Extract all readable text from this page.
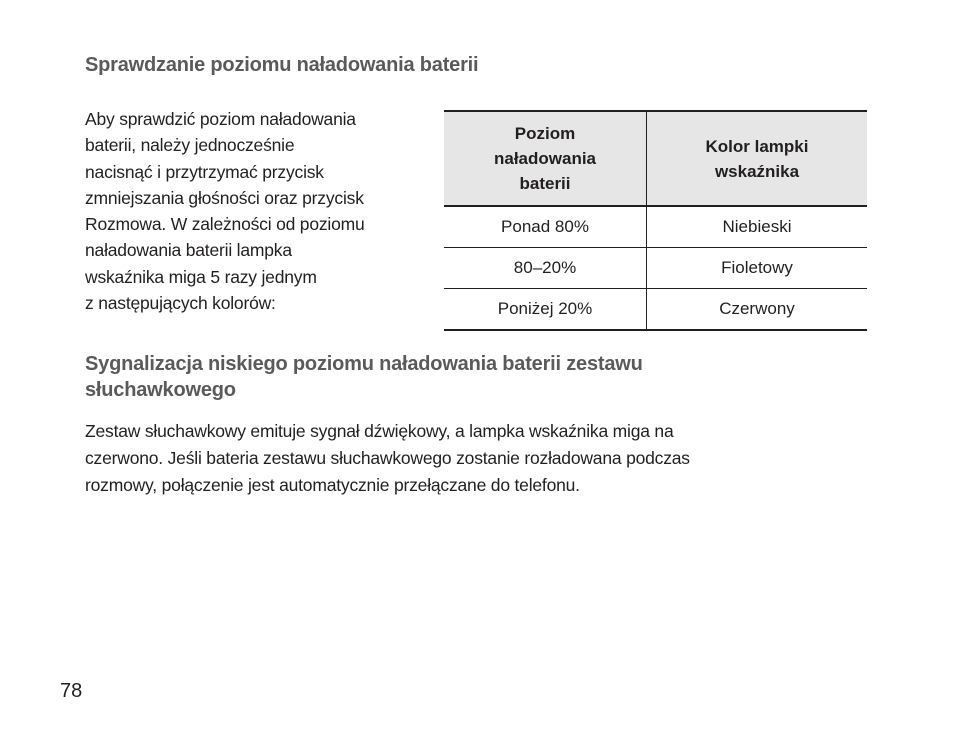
Sprawdzanie poziomu naładowania baterii
Aby sprawdzić poziom naładowania
baterii, należy jednocześnie
nacisnąć i przytrzymać przycisk
zmniejszania głośności oraz przycisk
Rozmowa. W zależności od poziomu
naładowania baterii lampka
wskaźnika miga 5 razy jednym
z następujących kolorów:
Poziom
naładowania
baterii	Kolor lampki
wskaźnika

Ponad 80%	Niebieski
80–20%	Fioletowy
Poniżej 20%	Czerwony
Sygnalizacja niskiego poziomu naładowania baterii zestawu
słuchawkowego
Zestaw słuchawkowy emituje sygnał dźwiękowy, a lampka wskaźnika miga na
czerwono. Jeśli bateria zestawu słuchawkowego zostanie rozładowana podczas
rozmowy, połączenie jest automatycznie przełączane do telefonu.
78
